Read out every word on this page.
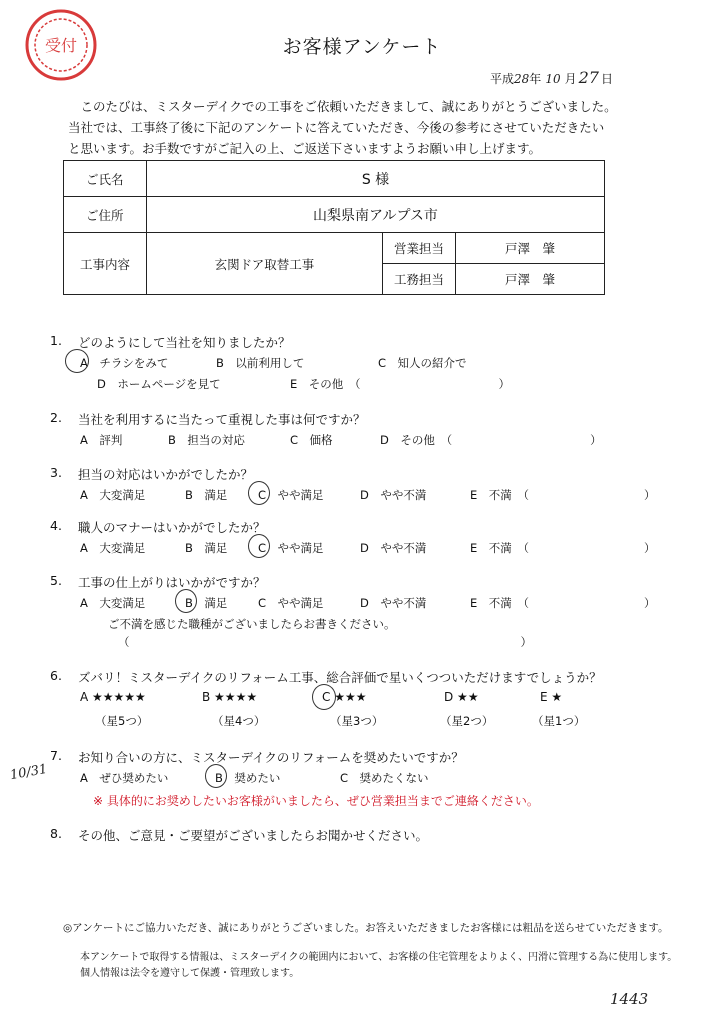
受付	お客様アンケート
平成28年 10 月 27 日

このたびは、ミスターデイクでの工事をご依頼いただきまして、誠にありがとうございました。

当社では、工事終了後に下記のアンケートに答えていただき、今後の参考にさせていただきたい

と思います。お手数ですがご記入の上、ご返送下さいますようお願い申し上げます。

ご氏名	S 様		
ご住所	山梨県南アルプス市		
工事内容	玄関ドア取替工事	営業担当	戸澤　肇
		工務担当	戸澤　肇
1. どのようにして当社を知りましたか？
A　チラシをみて	B　以前利用して	C　知人の紹介で
D　ホームページを見て	E　その他　（　　　　　　　　　　　　）
2. 当社を利用するに当たって重視した事は何ですか？
A　評判	B　担当の対応	C　価格	D　その他　（　　　　　　　　　　　　）
3. 担当の対応はいかがでしたか？
A　大変満足	B　満足	C　やや満足	D　やや不満	E　不満　（　　　　　　　　　　）
4. 職人のマナーはいかがでしたか？
A　大変満足	B　満足	C　やや満足	D　やや不満	E　不満　（　　　　　　　　　　）
5. 工事の仕上がりはいかがですか？
A　大変満足	B　満足	C　やや満足	D　やや不満	E　不満　（　　　　　　　　　　）
ご不満を感じた職種がございましたらお書きください。
（　　　　　　　　　　　　　　　　　　　　　　　　　　　　　　　　　　）
6. ズバリ！ミスターデイクのリフォーム工事、総合評価で星いくつついただけますでしょうか？
A ★★★★★	B ★★★★	C ★★★	D ★★	E ★
（星5つ）	（星4つ）	（星3つ）	（星2つ）	（星1つ）
7. お知り合いの方に、ミスターデイクのリフォームを奨めたいですか？
A　ぜひ奨めたい	B　奨めたい	C　奨めたくない
※ 具体的にお奨めしたいお客様がいましたら、ぜひ営業担当までご連絡ください。
10/31
8. その他、ご意見・ご要望がございましたらお聞かせください。
◎アンケートにご協力いただき、誠にありがとうございました。お答えいただきましたお客様には粗品を送らせていただきます。

本アンケートで取得する情報は、ミスターデイクの範囲内において、お客様の住宅管理をよりよく、円滑に管理する為に使用します。

個人情報は法令を遵守して保護・管理致します。

1443
